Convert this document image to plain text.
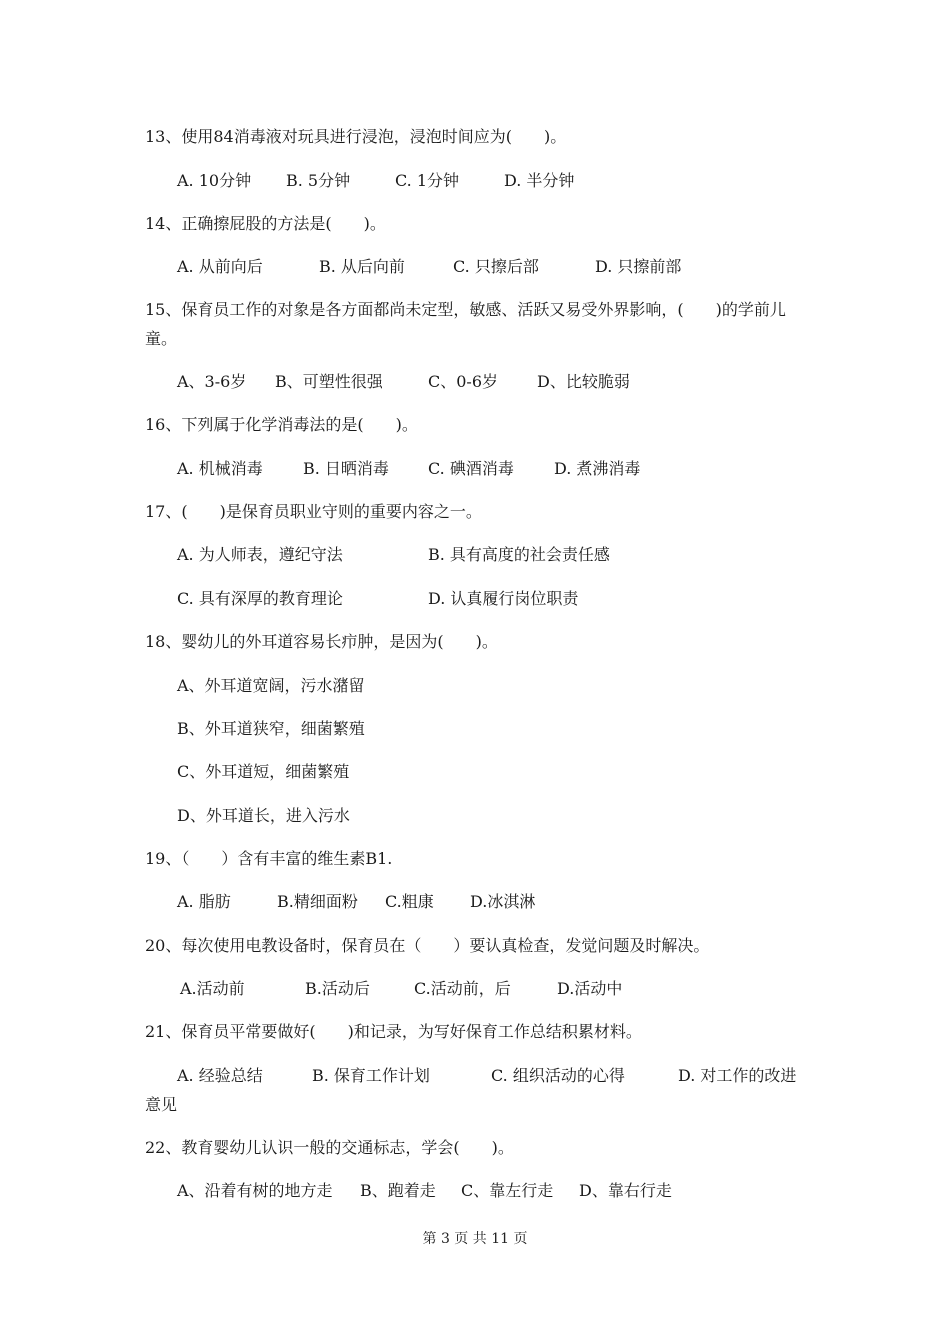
13、使用84消毒液对玩具进行浸泡，浸泡时间应为(　　)。
A. 10分钟 B. 5分钟	C. 1分钟	D. 半分钟
14、正确擦屁股的方法是(　　)。
A. 从前向后	B. 从后向前	C. 只擦后部	D. 只擦前部
15、保育员工作的对象是各方面都尚未定型，敏感、活跃又易受外界影响，(　　)的学前儿
童。
A、3-6岁 B、可塑性很强	C、0-6岁 D、比较脆弱
16、下列属于化学消毒法的是(　　)。
A. 机械消毒	B. 日晒消毒 C. 碘酒消毒	D. 煮沸消毒
17、(　　)是保育员职业守则的重要内容之一。
A. 为人师表，遵纪守法	B. 具有高度的社会责任感
C. 具有深厚的教育理论	D. 认真履行岗位职责
18、婴幼儿的外耳道容易长疖肿，是因为(　　)。
A、外耳道宽阔，污水潴留
B、外耳道狭窄，细菌繁殖
C、外耳道短，细菌繁殖
D、外耳道长，进入污水
19、（　　）含有丰富的维生素B1.
A. 脂肪	B.精细面粉 C.粗康 D.冰淇淋
20、每次使用电教设备时，保育员在（　　）要认真检查，发觉问题及时解决。
A.活动前	B.活动后	C.活动前，后	D.活动中
21、保育员平常要做好(　　)和记录，为写好保育工作总结积累材料。
A. 经验总结	B. 保育工作计划	C. 组织活动的心得	D. 对工作的改进
意见
22、教育婴幼儿认识一般的交通标志，学会(　　)。
A、沿着有树的地方走 B、跑着走 C、靠左行走 D、靠右行走
第 3 页 共 11 页
